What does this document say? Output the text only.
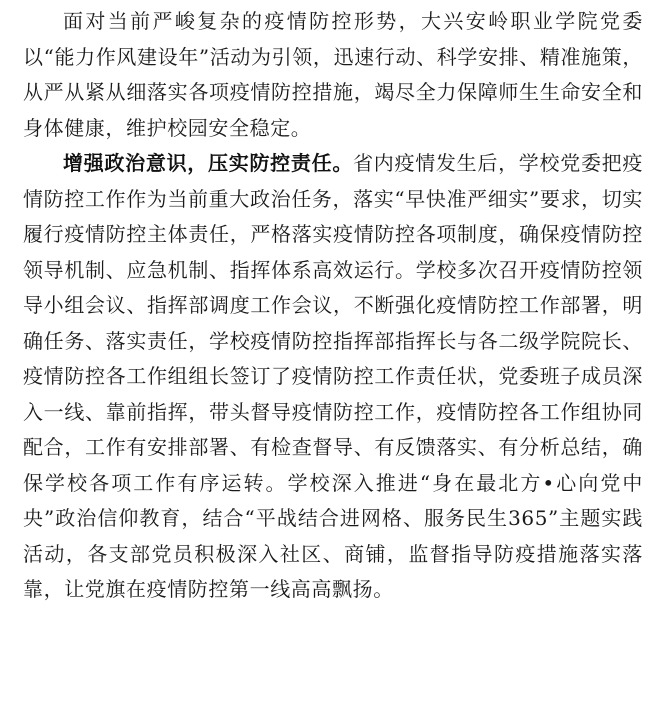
面对当前严峻复杂的疫情防控形势，大兴安岭职业学院党委以“能力作风建设年”活动为引领，迅速行动、科学安排、精准施策，从严从紧从细落实各项疫情防控措施，竭尽全力保障师生生命安全和身体健康，维护校园安全稳定。

增强政治意识，压实防控责任。省内疫情发生后，学校党委把疫情防控工作作为当前重大政治任务，落实“早快准严细实”要求，切实履行疫情防控主体责任，严格落实疫情防控各项制度，确保疫情防控领导机制、应急机制、指挥体系高效运行。学校多次召开疫情防控领导小组会议、指挥部调度工作会议，不断强化疫情防控工作部署，明确任务、落实责任，学校疫情防控指挥部指挥长与各二级学院院长、疫情防控各工作组组长签订了疫情防控工作责任状，党委班子成员深入一线、靠前指挥，带头督导疫情防控工作，疫情防控各工作组协同配合，工作有安排部署、有检查督导、有反馈落实、有分析总结，确保学校各项工作有序运转。学校深入推进“身在最北方•心向党中央”政治信仰教育，结合“平战结合进网格、服务民生365”主题实践活动，各支部党员积极深入社区、商铺，监督指导防疫措施落实落靠，让党旗在疫情防控第一线高高飘扬。
